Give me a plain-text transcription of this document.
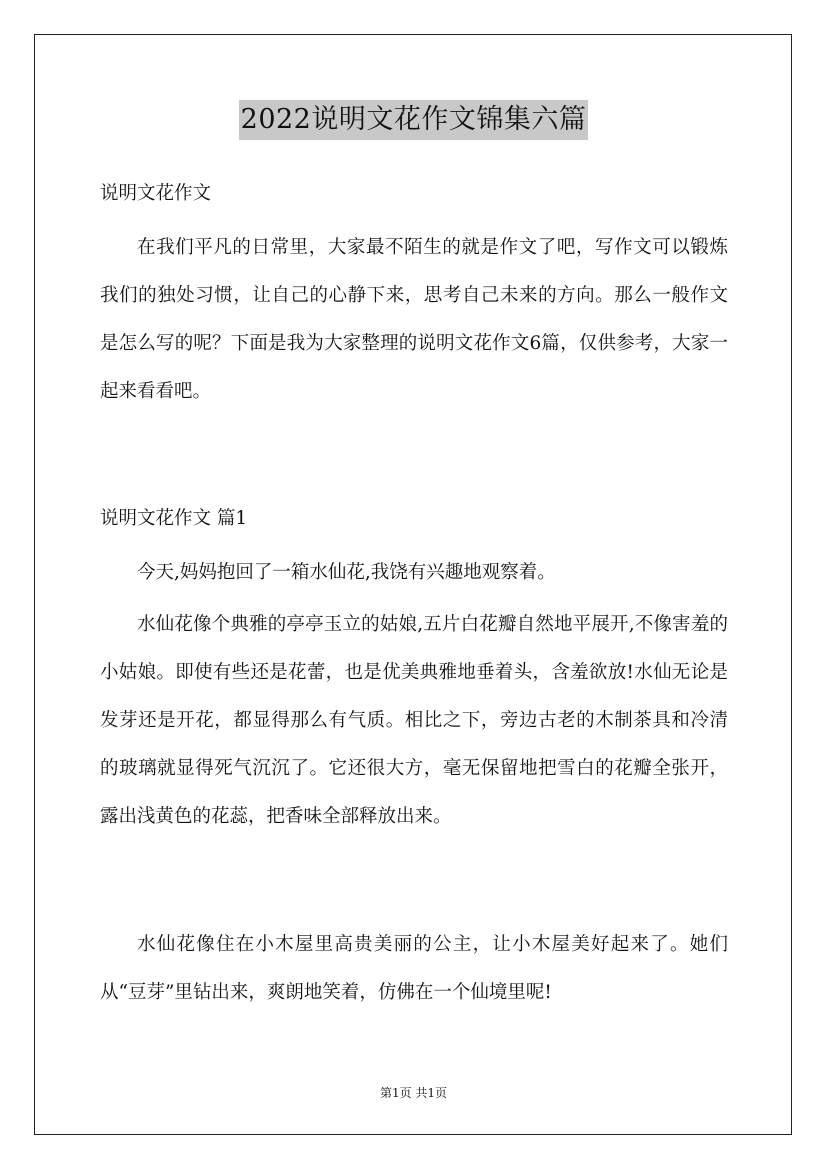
2022说明文花作文锦集六篇
说明文花作文
在我们平凡的日常里，大家最不陌生的就是作文了吧，写作文可以锻炼我们的独处习惯，让自己的心静下来，思考自己未来的方向。那么一般作文是怎么写的呢？下面是我为大家整理的说明文花作文6篇，仅供参考，大家一起来看看吧。
说明文花作文 篇1
今天,妈妈抱回了一箱水仙花,我饶有兴趣地观察着。
水仙花像个典雅的亭亭玉立的姑娘,五片白花瓣自然地平展开,不像害羞的小姑娘。即使有些还是花蕾，也是优美典雅地垂着头，含羞欲放!水仙无论是发芽还是开花，都显得那么有气质。相比之下，旁边古老的木制茶具和冷清的玻璃就显得死气沉沉了。它还很大方，毫无保留地把雪白的花瓣全张开，露出浅黄色的花蕊，把香味全部释放出来。
水仙花像住在小木屋里高贵美丽的公主，让小木屋美好起来了。她们从“豆芽”里钻出来，爽朗地笑着，仿佛在一个仙境里呢!
第1页 共1页
